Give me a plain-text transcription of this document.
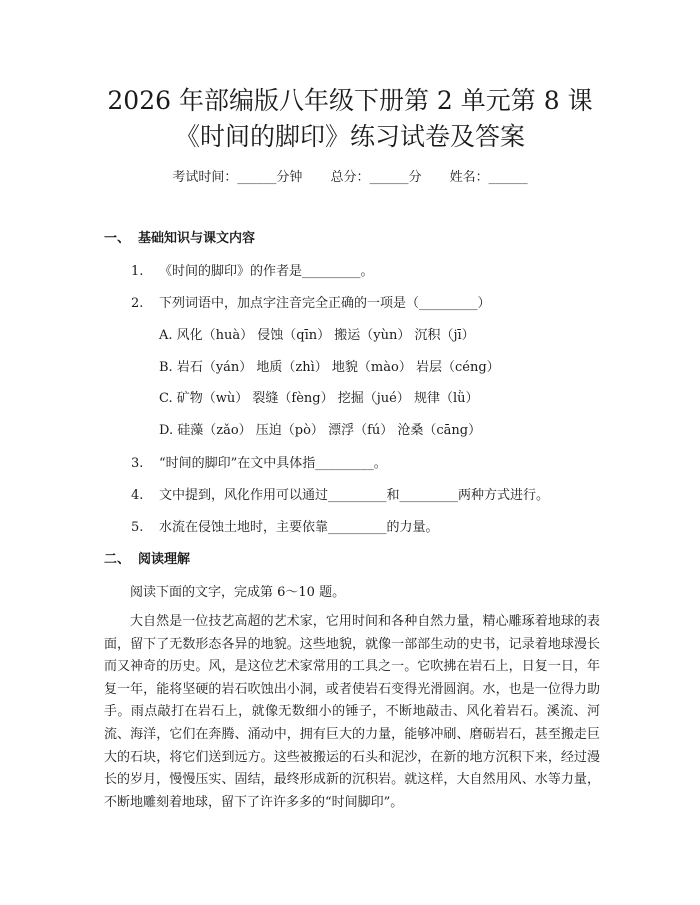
2026 年部编版八年级下册第 2 单元第 8 课
《时间的脚印》练习试卷及答案
考试时间：______分钟 总分：______分 姓名：______
一、 基础知识与课文内容
1. 《时间的脚印》的作者是_________。
2. 下列词语中，加点字注音完全正确的一项是（_________）
A. 风化（huà） 侵蚀（qīn） 搬运（yùn） 沉积（jī）
B. 岩石（yán） 地质（zhì） 地貌（mào） 岩层（céng）
C. 矿物（wù） 裂缝（fèng） 挖掘（jué） 规律（lǜ）
D. 硅藻（zǎo） 压迫（pò） 漂浮（fú） 沧桑（cāng）
3. “时间的脚印”在文中具体指_________。
4. 文中提到，风化作用可以通过_________和_________两种方式进行。
5. 水流在侵蚀土地时，主要依靠_________的力量。
二、 阅读理解
阅读下面的文字，完成第 6～10 题。

大自然是一位技艺高超的艺术家，它用时间和各种自然力量，精心雕琢着地球的表面，留下了无数形态各异的地貌。这些地貌，就像一部部生动的史书，记录着地球漫长而又神奇的历史。风，是这位艺术家常用的工具之一。它吹拂在岩石上，日复一日，年复一年，能将坚硬的岩石吹蚀出小洞，或者使岩石变得光滑圆润。水，也是一位得力助手。雨点敲打在岩石上，就像无数细小的锤子，不断地敲击、风化着岩石。溪流、河流、海洋，它们在奔腾、涌动中，拥有巨大的力量，能够冲刷、磨砺岩石，甚至搬走巨大的石块，将它们送到远方。这些被搬运的石头和泥沙，在新的地方沉积下来，经过漫长的岁月，慢慢压实、固结，最终形成新的沉积岩。就这样，大自然用风、水等力量，不断地雕刻着地球，留下了许许多多的“时间脚印”。
